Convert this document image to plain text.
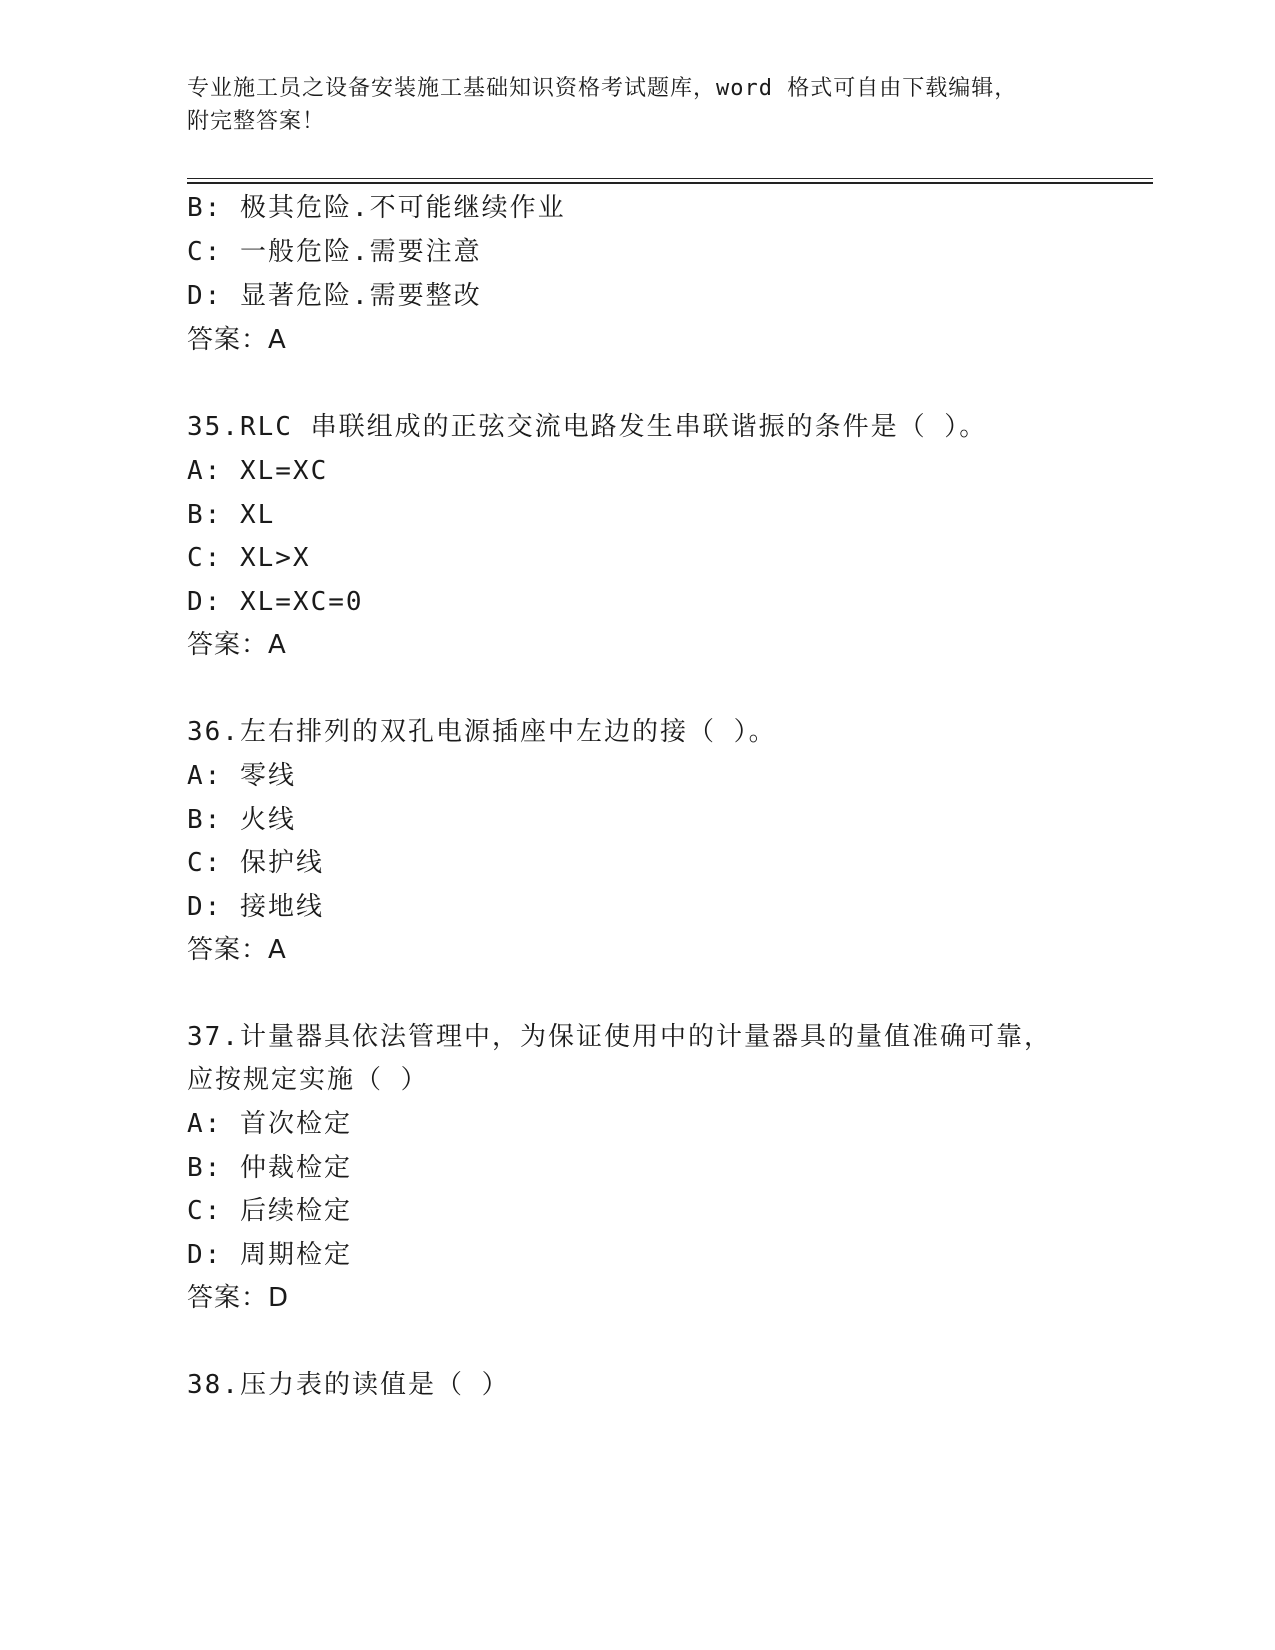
专业施工员之设备安装施工基础知识资格考试题库，word 格式可自由下载编辑，
附完整答案！
B: 极其危险.不可能继续作业
C: 一般危险.需要注意
D: 显著危险.需要整改
答案：A
35.RLC 串联组成的正弦交流电路发生串联谐振的条件是（ ）。
A: XL=XC
B: XL
C: XL>X
D: XL=XC=0
答案：A
36.左右排列的双孔电源插座中左边的接（ ）。
A: 零线
B: 火线
C: 保护线
D: 接地线
答案：A
37.计量器具依法管理中，为保证使用中的计量器具的量值准确可靠，
应按规定实施（ ）
A: 首次检定
B: 仲裁检定
C: 后续检定
D: 周期检定
答案：D
38.压力表的读值是（ ）
